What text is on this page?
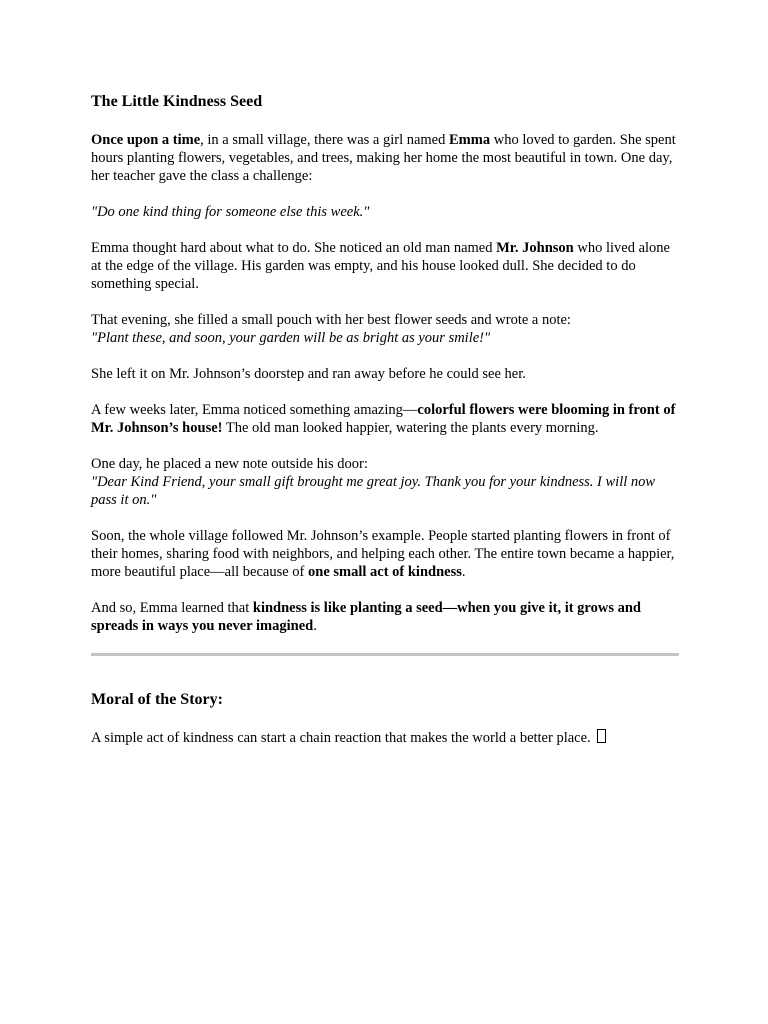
The Little Kindness Seed

Once upon a time, in a small village, there was a girl named Emma who loved to garden. She spent hours planting flowers, vegetables, and trees, making her home the most beautiful in town. One day, her teacher gave the class a challenge:

"Do one kind thing for someone else this week."

Emma thought hard about what to do. She noticed an old man named Mr. Johnson who lived alone at the edge of the village. His garden was empty, and his house looked dull. She decided to do something special.

That evening, she filled a small pouch with her best flower seeds and wrote a note:

"Plant these, and soon, your garden will be as bright as your smile!"

She left it on Mr. Johnson’s doorstep and ran away before he could see her.

A few weeks later, Emma noticed something amazing—colorful flowers were blooming in front of Mr. Johnson’s house! The old man looked happier, watering the plants every morning.

One day, he placed a new note outside his door:

"Dear Kind Friend, your small gift brought me great joy. Thank you for your kindness. I will now pass it on."

Soon, the whole village followed Mr. Johnson’s example. People started planting flowers in front of their homes, sharing food with neighbors, and helping each other. The entire town became a happier, more beautiful place—all because of one small act of kindness.

And so, Emma learned that kindness is like planting a seed—when you give it, it grows and spreads in ways you never imagined.

Moral of the Story:

A simple act of kindness can start a chain reaction that makes the world a better place.
